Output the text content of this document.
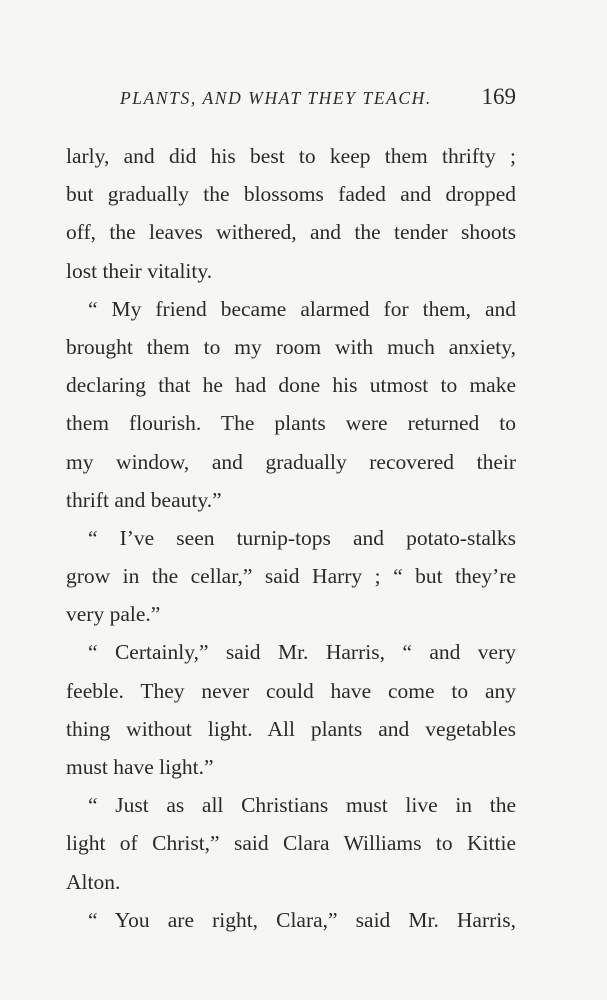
PLANTS, AND WHAT THEY TEACH. 169
larly, and did his best to keep them thrifty ;
but gradually the blossoms faded and dropped
off, the leaves withered, and the tender shoots
lost their vitality.
“ My friend became alarmed for them, and
brought them to my room with much anxiety,
declaring that he had done his utmost to make
them flourish. The plants were returned to
my window, and gradually recovered their
thrift and beauty.”
“ I’ve seen turnip-tops and potato-stalks
grow in the cellar,” said Harry ; “ but they’re
very pale.”
“ Certainly,” said Mr. Harris, “ and very
feeble. They never could have come to any
thing without light. All plants and vegetables
must have light.”
“ Just as all Christians must live in the
light of Christ,” said Clara Williams to Kittie
Alton.
“ You are right, Clara,” said Mr. Harris,
